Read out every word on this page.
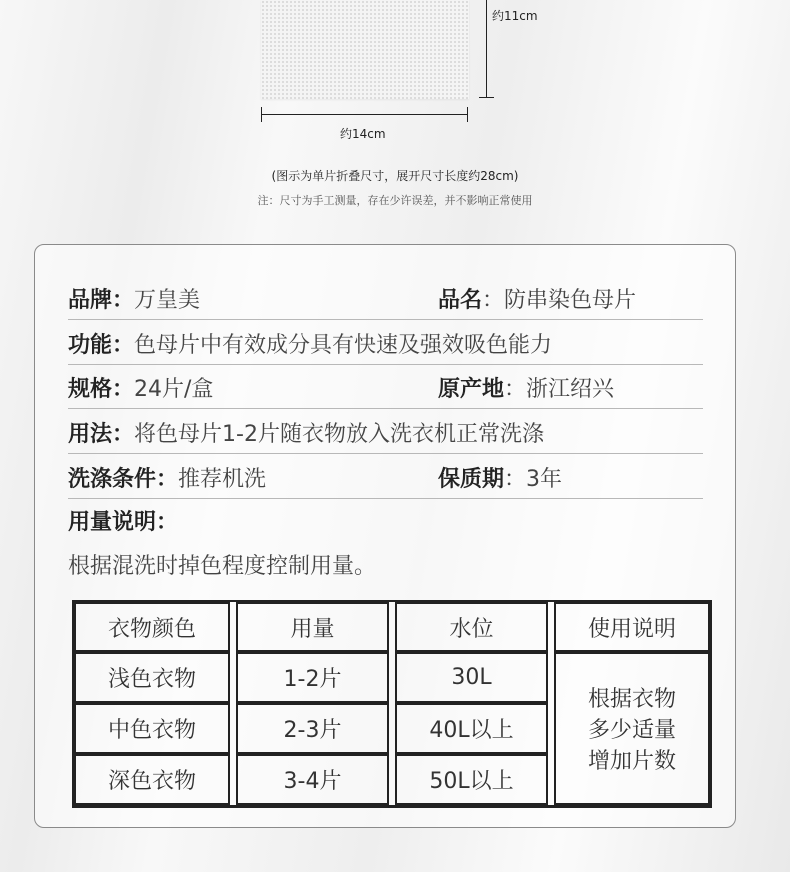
约11cm
约14cm
(图示为单片折叠尺寸，展开尺寸长度约28cm)
注：尺寸为手工测量，存在少许误差，并不影响正常使用
品牌：万皇美	品名：防串染色母片
功能：色母片中有效成分具有快速及强效吸色能力
规格：24片/盒	原产地：浙江绍兴
用法：将色母片1-2片随衣物放入洗衣机正常洗涤
洗涤条件：推荐机洗	保质期：3年
用量说明：
根据混洗时掉色程度控制用量。
衣物颜色		用量		水位		使用说明
浅色衣物		1-2片		30L		根据衣物
多少适量
增加片数

中色衣物		2-3片		40L以上		
深色衣物		3-4片		50L以上		
